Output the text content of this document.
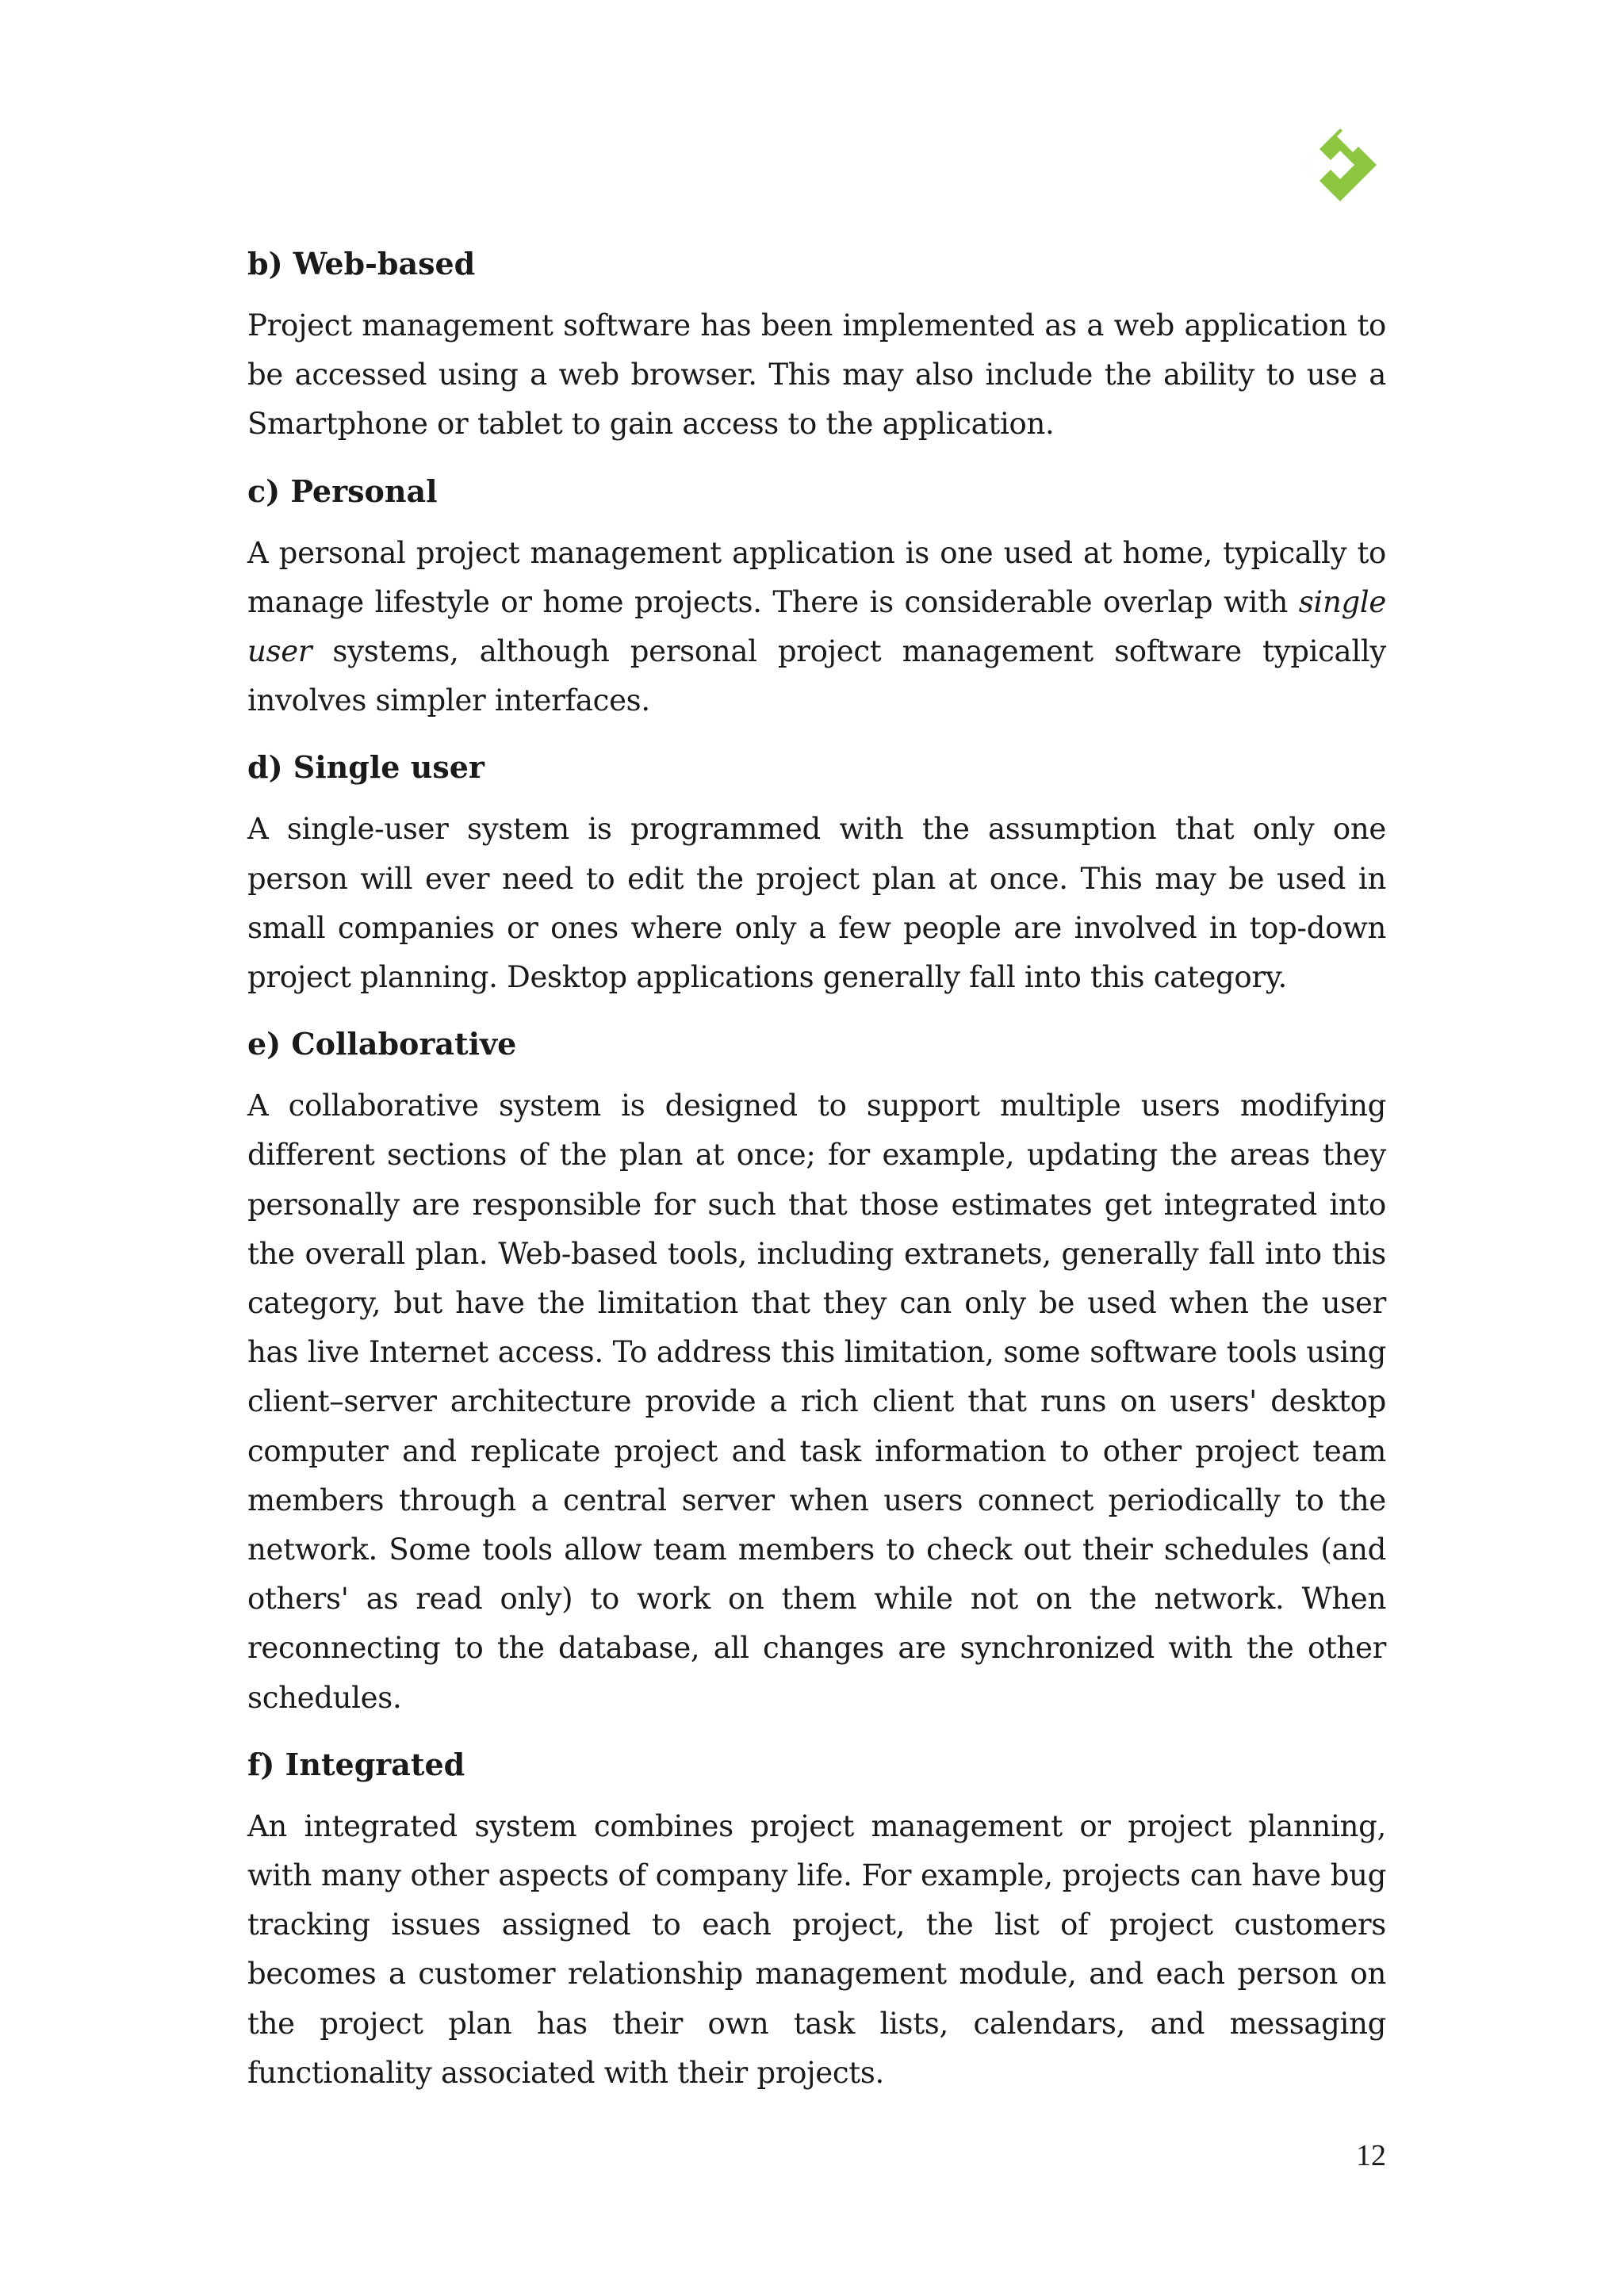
b) Web-based

Project management software has been implemented as a web application to be accessed using a web browser. This may also include the ability to use a Smartphone or tablet to gain access to the application.

c) Personal

A personal project management application is one used at home, typically to manage lifestyle or home projects. There is considerable overlap with single user systems, although personal project management software typically involves simpler interfaces.

d) Single user

A single-user system is programmed with the assumption that only one person will ever need to edit the project plan at once. This may be used in small companies or ones where only a few people are involved in top-down project planning. Desktop applications generally fall into this category.

e) Collaborative

A collaborative system is designed to support multiple users modifying different sections of the plan at once; for example, updating the areas they personally are responsible for such that those estimates get integrated into the overall plan. Web-based tools, including extranets, generally fall into this category, but have the limitation that they can only be used when the user has live Internet access. To address this limitation, some software tools using client–server architecture provide a rich client that runs on users' desktop computer and replicate project and task information to other project team members through a central server when users connect periodically to the network. Some tools allow team members to check out their schedules (and others' as read only) to work on them while not on the network. When reconnecting to the database, all changes are synchronized with the other schedules.

f) Integrated

An integrated system combines project management or project planning, with many other aspects of company life. For example, projects can have bug tracking issues assigned to each project, the list of project customers becomes a customer relationship management module, and each person on the project plan has their own task lists, calendars, and messaging functionality associated with their projects.

12
